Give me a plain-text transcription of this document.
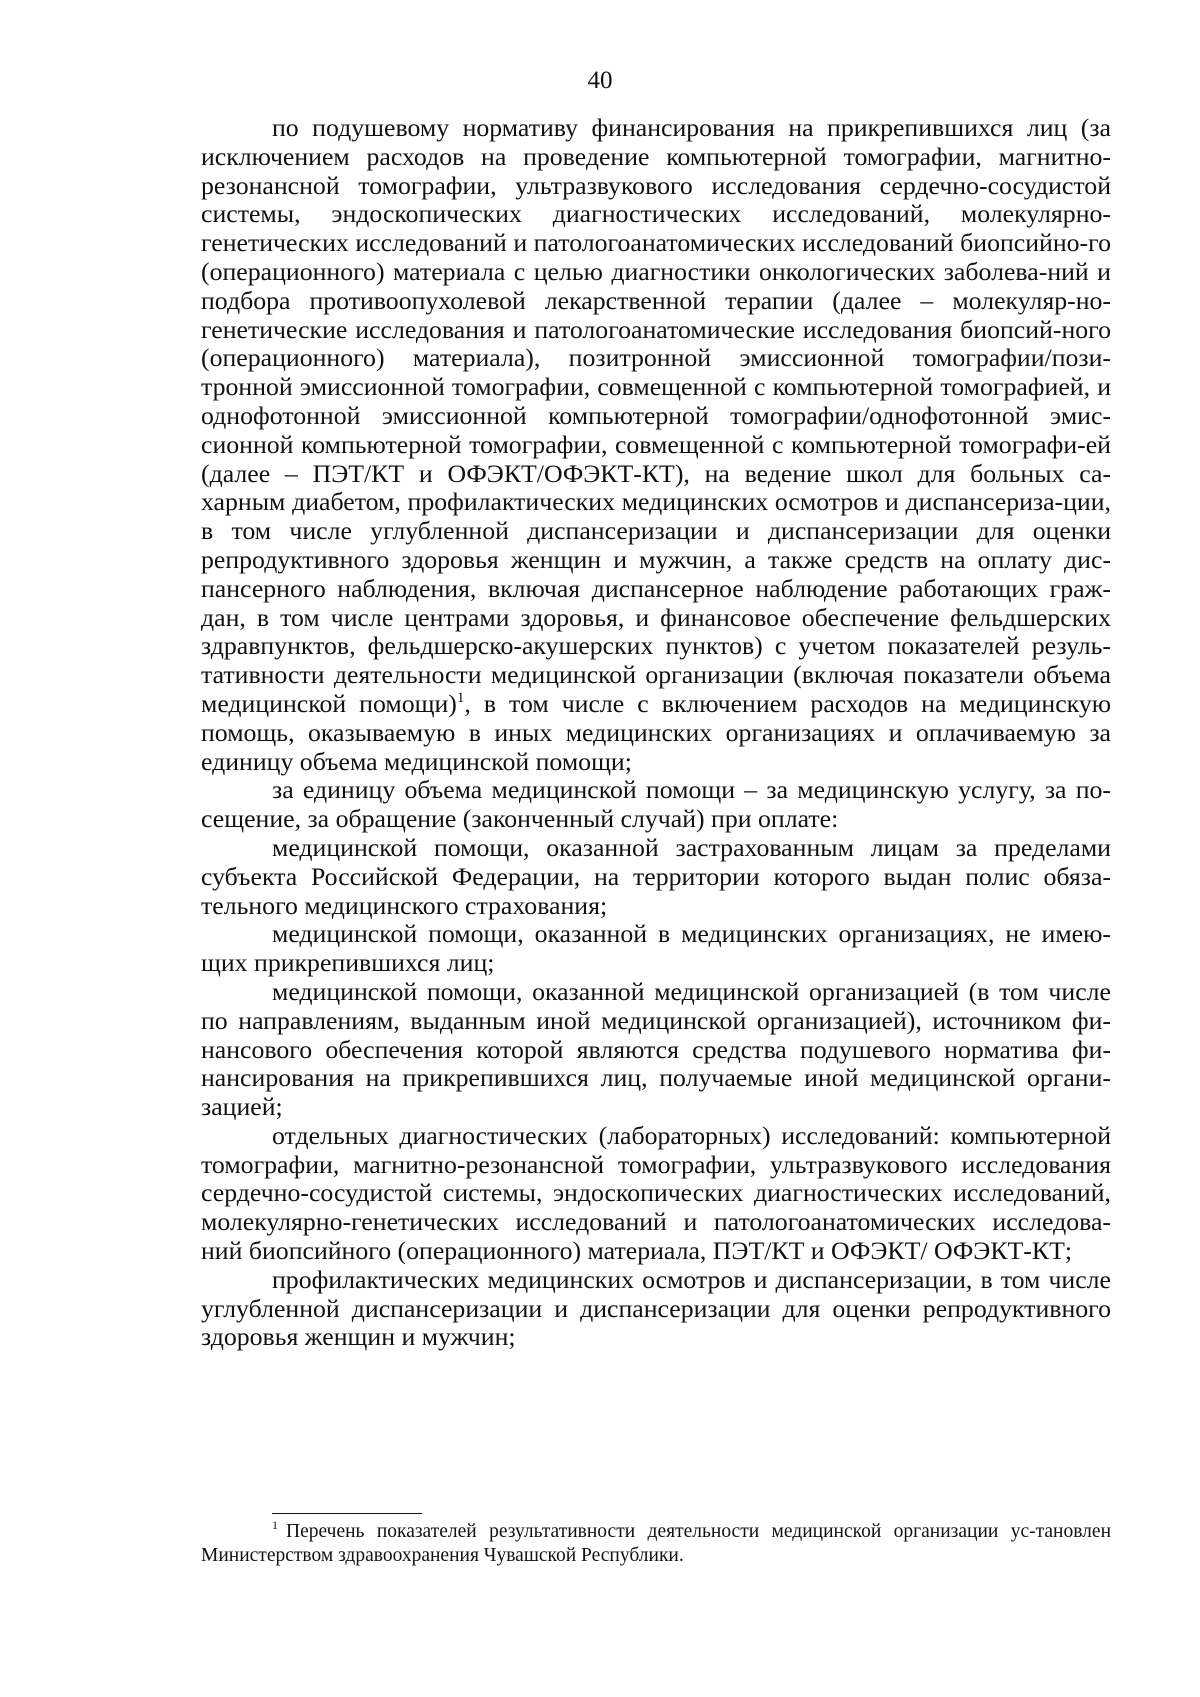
40

по подушевому нормативу финансирования на прикрепившихся лиц (за исключением расходов на проведение компьютерной томографии, магнитно-резонансной томографии, ультразвукового исследования сердечно-сосудистой системы, эндоскопических диагностических исследований, молекулярно-генетических исследований и патологоанатомических исследований биопсийно-го (операционного) материала с целью диагностики онкологических заболева-ний и подбора противоопухолевой лекарственной терапии (далее – молекуляр-но-генетические исследования и патологоанатомические исследования биопсий-ного (операционного) материала), позитронной эмиссионной томографии/пози-тронной эмиссионной томографии, совмещенной с компьютерной томографией, и однофотонной эмиссионной компьютерной томографии/однофотонной эмис-сионной компьютерной томографии, совмещенной с компьютерной томографи-ей (далее – ПЭТ/КТ и ОФЭКТ/ОФЭКТ-КТ), на ведение школ для больных са-харным диабетом, профилактических медицинских осмотров и диспансериза-ции, в том числе углубленной диспансеризации и диспансеризации для оценки репродуктивного здоровья женщин и мужчин, а также средств на оплату дис-пансерного наблюдения, включая диспансерное наблюдение работающих граж-дан, в том числе центрами здоровья, и финансовое обеспечение фельдшерских здравпунктов, фельдшерско-акушерских пунктов) с учетом показателей резуль-тативности деятельности медицинской организации (включая показатели объема медицинской помощи)$^1$, в том числе с включением расходов на медицинскую помощь, оказываемую в иных медицинских организациях и оплачиваемую за единицу объема медицинской помощи;

за единицу объема медицинской помощи – за медицинскую услугу, за по-сещение, за обращение (законченный случай) при оплате:

медицинской помощи, оказанной застрахованным лицам за пределами субъекта Российской Федерации, на территории которого выдан полис обяза-тельного медицинского страхования;

медицинской помощи, оказанной в медицинских организациях, не имею-щих прикрепившихся лиц;

медицинской помощи, оказанной медицинской организацией (в том числе по направлениям, выданным иной медицинской организацией), источником фи-нансового обеспечения которой являются средства подушевого норматива фи-нансирования на прикрепившихся лиц, получаемые иной медицинской органи-зацией;

отдельных диагностических (лабораторных) исследований: компьютерной томографии, магнитно-резонансной томографии, ультразвукового исследования сердечно-сосудистой системы, эндоскопических диагностических исследований, молекулярно-генетических исследований и патологоанатомических исследова-ний биопсийного (операционного) материала, ПЭТ/КТ и ОФЭКТ/ ОФЭКТ-КТ;

профилактических медицинских осмотров и диспансеризации, в том числе углубленной диспансеризации и диспансеризации для оценки репродуктивного здоровья женщин и мужчин;

$^1$ Перечень показателей результативности деятельности медицинской организации ус-тановлен Министерством здравоохранения Чувашской Республики.
